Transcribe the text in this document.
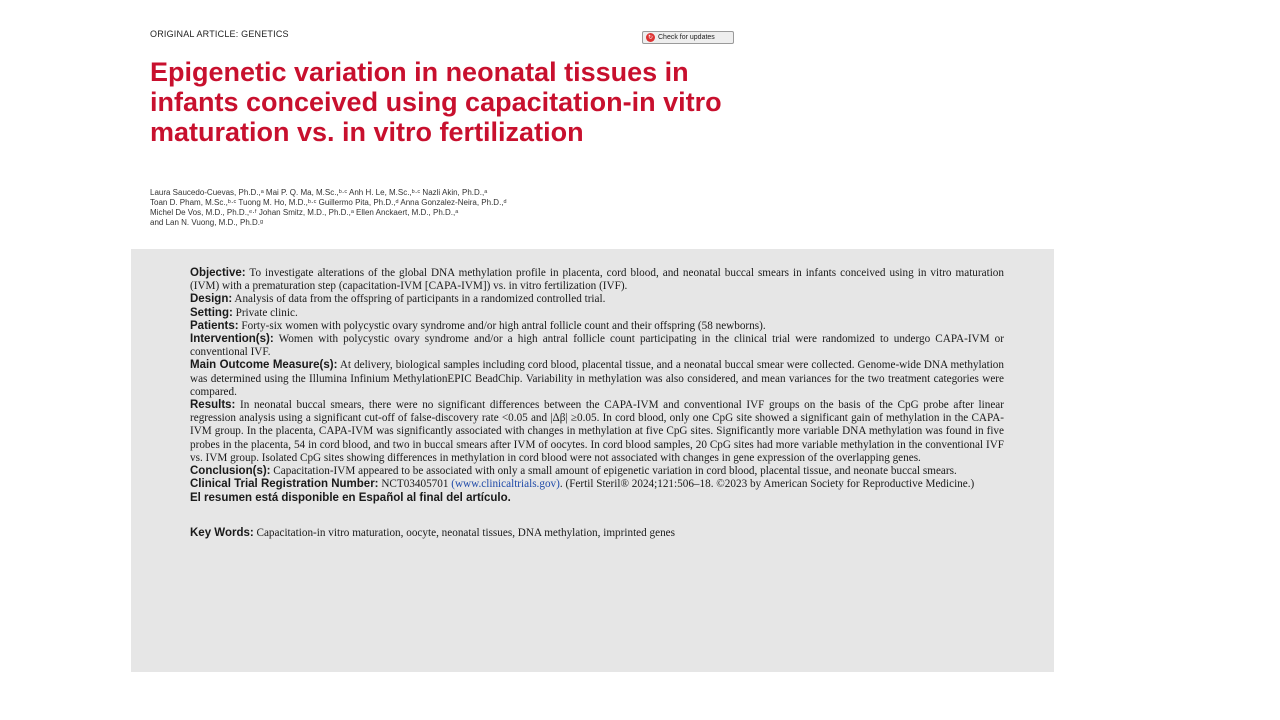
ORIGINAL ARTICLE: GENETICS	↻ Check for updates
Epigenetic variation in neonatal tissues in infants conceived using capacitation-in vitro maturation vs. in vitro fertilization
Laura Saucedo-Cuevas, Ph.D.,ᵃ Mai P. Q. Ma, M.Sc.,ᵇ·ᶜ Anh H. Le, M.Sc.,ᵇ·ᶜ Nazli Akin, Ph.D.,ᵃ
Toan D. Pham, M.Sc.,ᵇ·ᶜ Tuong M. Ho, M.D.,ᵇ·ᶜ Guillermo Pita, Ph.D.,ᵈ Anna Gonzalez-Neira, Ph.D.,ᵈ
Michel De Vos, M.D., Ph.D.,ᵉ·ᶠ Johan Smitz, M.D., Ph.D.,ᵃ Ellen Anckaert, M.D., Ph.D.,ᵃ
and Lan N. Vuong, M.D., Ph.D.ᵍ

Objective: To investigate alterations of the global DNA methylation profile in placenta, cord blood, and neonatal buccal smears in infants conceived using in vitro maturation (IVM) with a prematuration step (capacitation-IVM [CAPA-IVM]) vs. in vitro fertilization (IVF).

Design: Analysis of data from the offspring of participants in a randomized controlled trial.

Setting: Private clinic.

Patients: Forty-six women with polycystic ovary syndrome and/or high antral follicle count and their offspring (58 newborns).

Intervention(s): Women with polycystic ovary syndrome and/or a high antral follicle count participating in the clinical trial were randomized to undergo CAPA-IVM or conventional IVF.

Main Outcome Measure(s): At delivery, biological samples including cord blood, placental tissue, and a neonatal buccal smear were collected. Genome-wide DNA methylation was determined using the Illumina Infinium MethylationEPIC BeadChip. Variability in methylation was also considered, and mean variances for the two treatment categories were compared.

Results: In neonatal buccal smears, there were no significant differences between the CAPA-IVM and conventional IVF groups on the basis of the CpG probe after linear regression analysis using a significant cut-off of false-discovery rate <0.05 and |Δβ| ≥0.05. In cord blood, only one CpG site showed a significant gain of methylation in the CAPA-IVM group. In the placenta, CAPA-IVM was significantly associated with changes in methylation at five CpG sites. Significantly more variable DNA methylation was found in five probes in the placenta, 54 in cord blood, and two in buccal smears after IVM of oocytes. In cord blood samples, 20 CpG sites had more variable methylation in the conventional IVF vs. IVM group. Isolated CpG sites showing differences in methylation in cord blood were not associated with changes in gene expression of the overlapping genes.

Conclusion(s): Capacitation-IVM appeared to be associated with only a small amount of epigenetic variation in cord blood, placental tissue, and neonate buccal smears.

Clinical Trial Registration Number: NCT03405701 (www.clinicaltrials.gov). (Fertil Steril® 2024;121:506–18. ©2023 by American Society for Reproductive Medicine.)

El resumen está disponible en Español al final del artículo.

Key Words: Capacitation-in vitro maturation, oocyte, neonatal tissues, DNA methylation, imprinted genes
